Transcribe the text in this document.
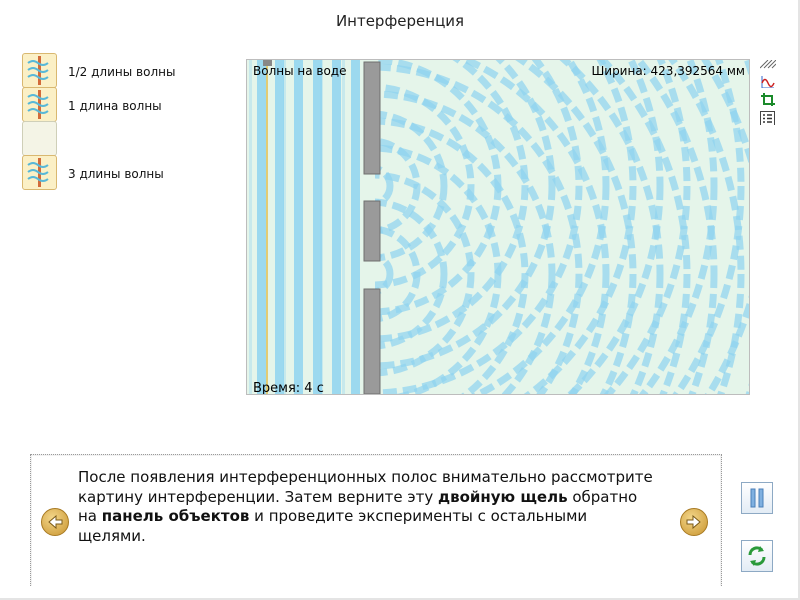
Интерференция
1/2 длины волны
1 длина волны
3 длины волны
Волны на воде	Ширина: 423,392564 мм
Время: 4 с
После появления интерференционных полос внимательно рассмотрите картину интерференции. Затем верните эту двойную щель обратно на панель объектов и проведите эксперименты с остальными щелями.
